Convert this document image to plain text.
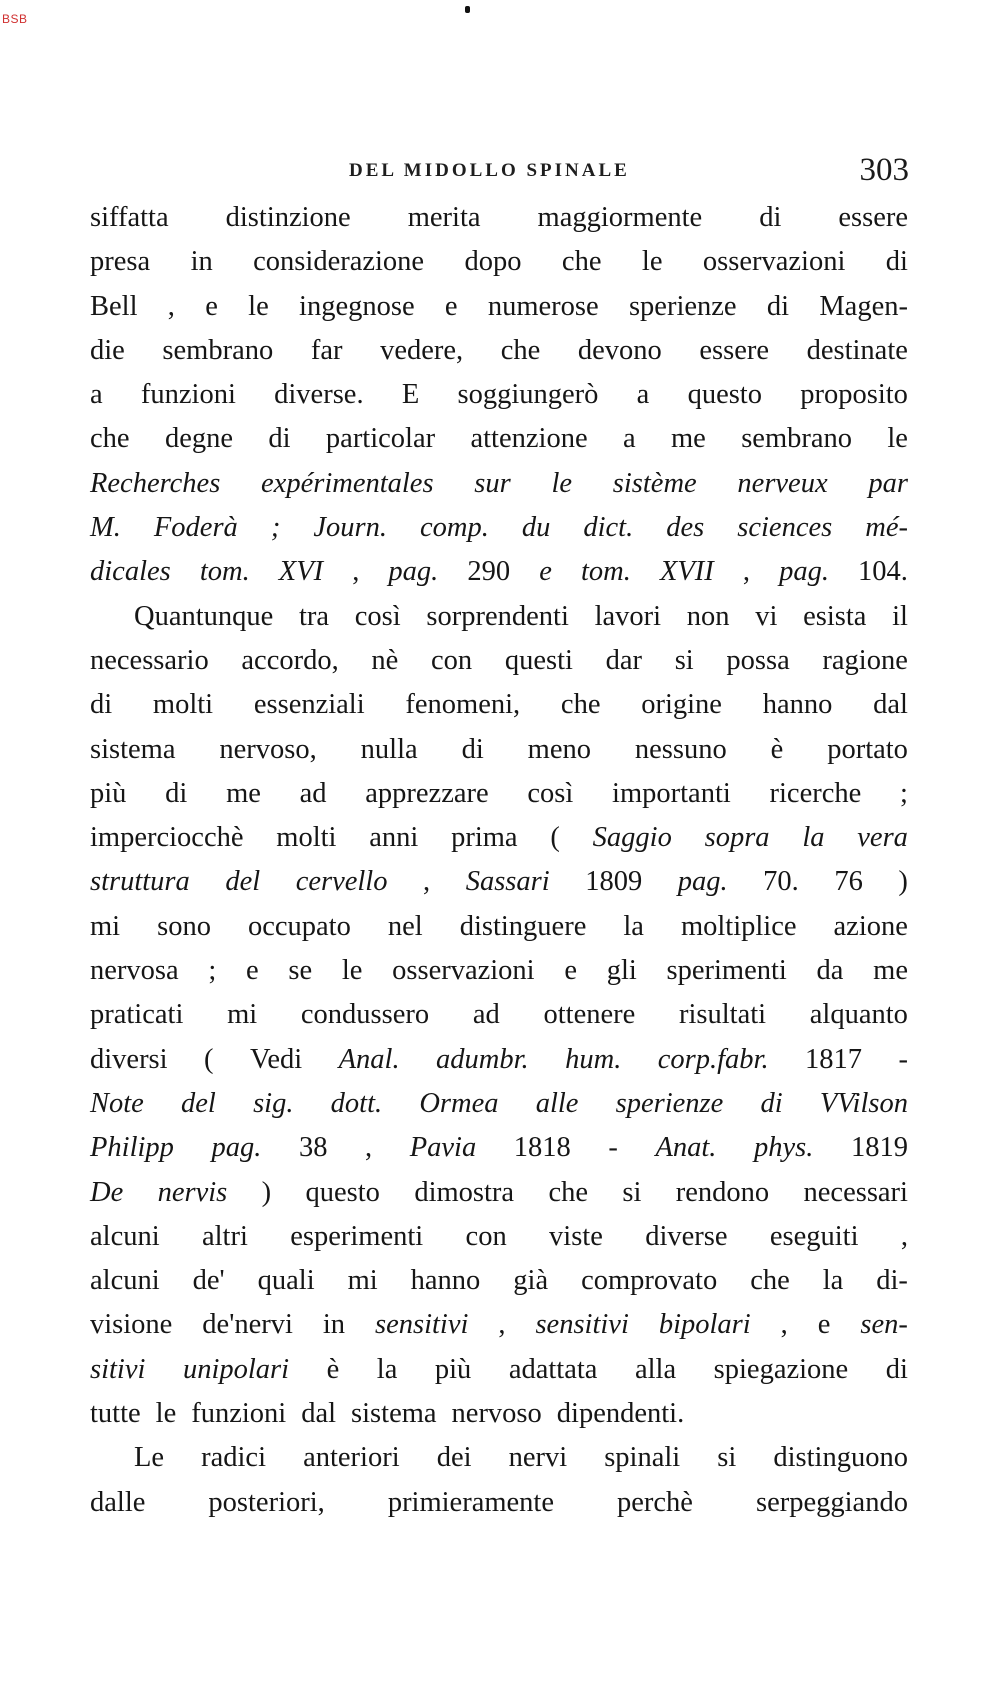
BSB
DEL MIDOLLO SPINALE	303
siffatta distinzione merita maggiormente di essere
presa in considerazione dopo che le osservazioni di
Bell , e le ingegnose e numerose sperienze di Magen-
die sembrano far vedere, che devono essere destinate
a funzioni diverse. E soggiungerò a questo proposito
che degne di particolar attenzione a me sembrano le
Recherches expérimentales sur le sistème nerveux par
M. Foderà ; Journ. comp. du dict. des sciences mé-
dicales tom. XVI , pag. 290 e tom. XVII , pag. 104.
Quantunque tra così sorprendenti lavori non vi esista il
necessario accordo, nè con questi dar si possa ragione
di molti essenziali fenomeni, che origine hanno dal
sistema nervoso, nulla di meno nessuno è portato
più di me ad apprezzare così importanti ricerche ;
imperciocchè molti anni prima ( Saggio sopra la vera
struttura del cervello , Sassari 1809 pag. 70. 76 )
mi sono occupato nel distinguere la moltiplice azione
nervosa ; e se le osservazioni e gli sperimenti da me
praticati mi condussero ad ottenere risultati alquanto
diversi ( Vedi Anal. adumbr. hum. corp.fabr. 1817 -
Note del sig. dott. Ormea alle sperienze di VVilson
Philipp pag. 38 , Pavia 1818 - Anat. phys. 1819
De nervis ) questo dimostra che si rendono necessari
alcuni altri esperimenti con viste diverse eseguiti ,
alcuni de' quali mi hanno già comprovato che la di-
visione de'nervi in sensitivi , sensitivi bipolari , e sen-
sitivi unipolari è la più adattata alla spiegazione di
tutte le funzioni dal sistema nervoso dipendenti.
Le radici anteriori dei nervi spinali si distinguono
dalle posteriori, primieramente perchè serpeggiando
